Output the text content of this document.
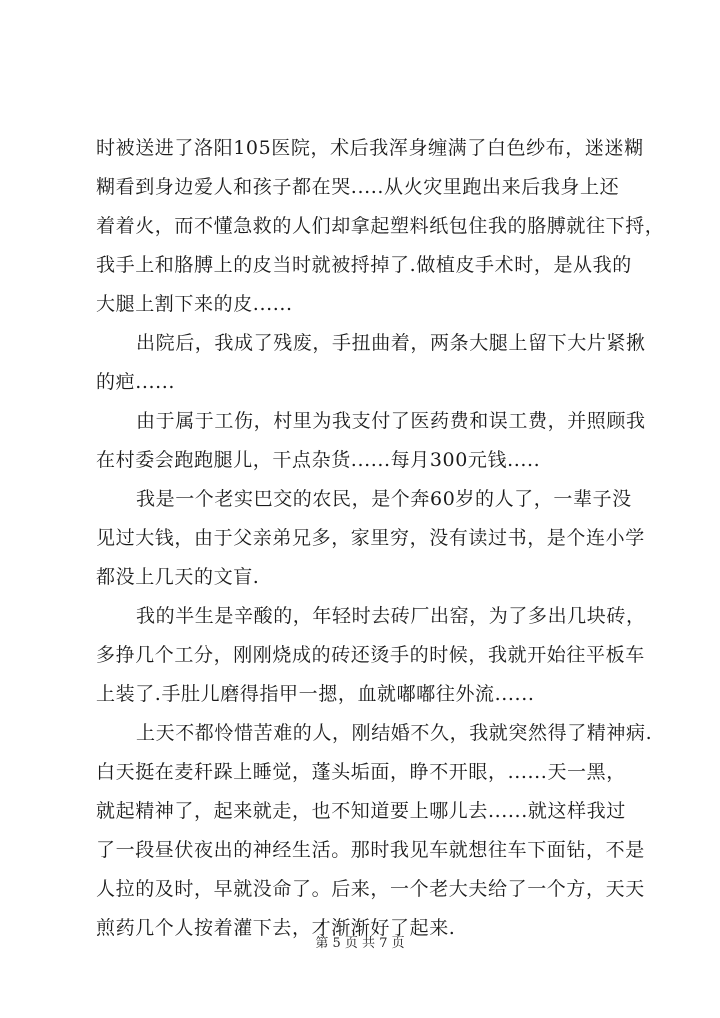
时被送进了洛阳105医院，术后我浑身缠满了白色纱布，迷迷糊
糊看到身边爱人和孩子都在哭.....从火灾里跑出来后我身上还
着着火，而不懂急救的人们却拿起塑料纸包住我的胳膊就往下捋，
我手上和胳膊上的皮当时就被捋掉了.做植皮手术时，是从我的
大腿上割下来的皮......
出院后，我成了残废，手扭曲着，两条大腿上留下大片紧揪
的疤......
由于属于工伤，村里为我支付了医药费和误工费，并照顾我
在村委会跑跑腿儿，干点杂货......每月300元钱.....
我是一个老实巴交的农民，是个奔60岁的人了，一辈子没
见过大钱，由于父亲弟兄多，家里穷，没有读过书，是个连小学
都没上几天的文盲.
我的半生是辛酸的，年轻时去砖厂出窑，为了多出几块砖，
多挣几个工分，刚刚烧成的砖还烫手的时候，我就开始往平板车
上装了.手肚儿磨得指甲一摁，血就嘟嘟往外流......
上天不都怜惜苦难的人，刚结婚不久，我就突然得了精神病.
白天挺在麦秆跺上睡觉，蓬头垢面，睁不开眼，......天一黑，
就起精神了，起来就走，也不知道要上哪儿去......就这样我过
了一段昼伏夜出的神经生活。那时我见车就想往车下面钻，不是
人拉的及时，早就没命了。后来，一个老大夫给了一个方，天天
煎药几个人按着灌下去，才渐渐好了起来.
第 5 页 共 7 页
